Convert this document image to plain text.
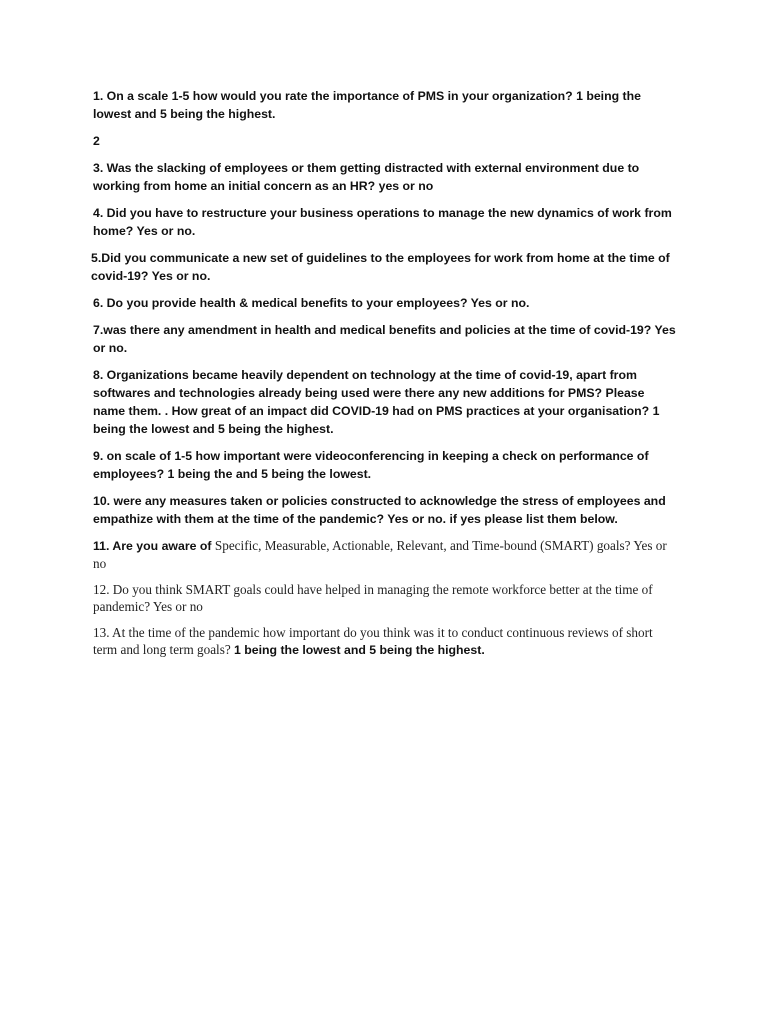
1. On a scale 1-5 how would you rate the importance of PMS in your organization? 1 being the lowest and 5 being the highest.

2

3. Was the slacking of employees or them getting distracted with external environment due to working from home an initial concern as an HR? yes or no

4. Did you have to restructure your business operations to manage the new dynamics of work from home? Yes or no.

5.Did you communicate a new set of guidelines to the employees for work from home at the time of covid-19? Yes or no.

6. Do you provide health & medical benefits to your employees? Yes or no.

7.was there any amendment in health and medical benefits and policies at the time of covid-19? Yes or no.

8. Organizations became heavily dependent on technology at the time of covid-19, apart from softwares and technologies already being used were there any new additions for PMS? Please name them. . How great of an impact did COVID-19 had on PMS practices at your organisation? 1 being the lowest and 5 being the highest.

9. on scale of 1-5 how important were videoconferencing in keeping a check on performance of employees? 1 being the and 5 being the lowest.

10. were any measures taken or policies constructed to acknowledge the stress of employees and empathize with them at the time of the pandemic? Yes or no. if yes please list them below.

11. Are you aware of Specific, Measurable, Actionable, Relevant, and Time-bound (SMART) goals? Yes or no

12. Do you think SMART goals could have helped in managing the remote workforce better at the time of pandemic? Yes or no

13. At the time of the pandemic how important do you think was it to conduct continuous reviews of short term and long term goals? 1 being the lowest and 5 being the highest.
